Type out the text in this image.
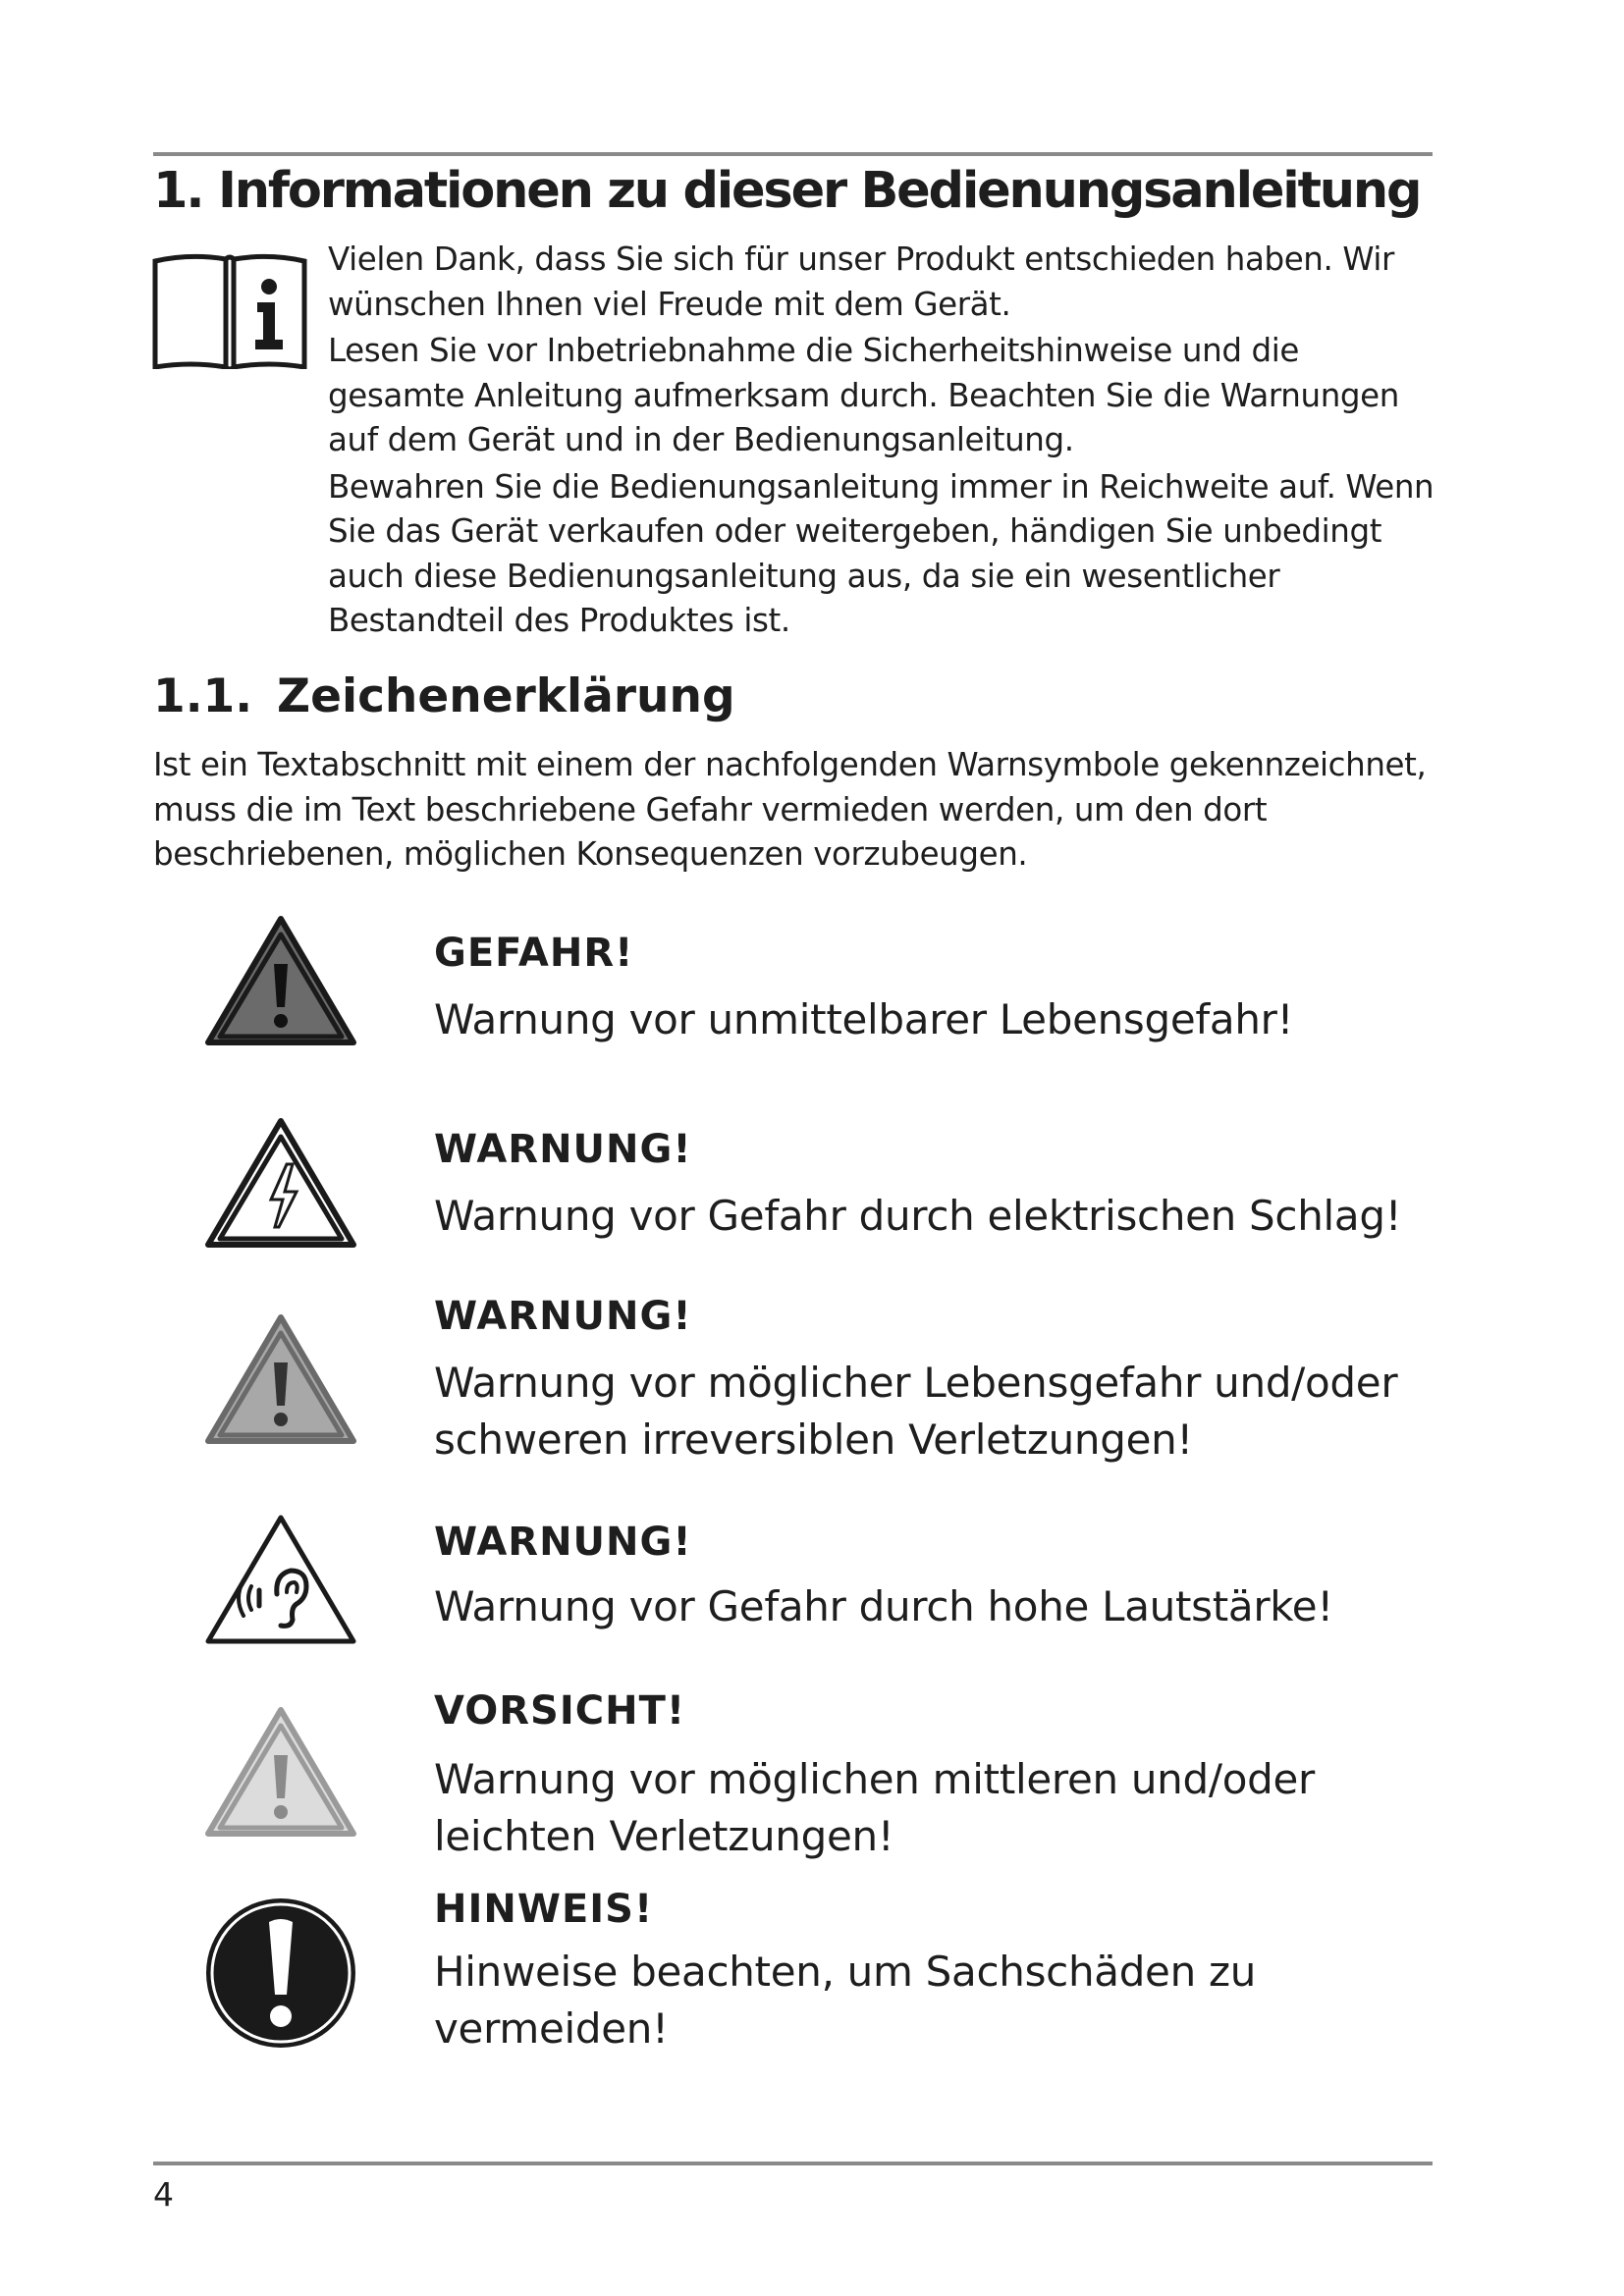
1. Informationen zu dieser Bedienungsanleitung

Vielen Dank, dass Sie sich für unser Produkt entschieden haben. Wir wünschen Ihnen viel Freude mit dem Gerät.

Lesen Sie vor Inbetriebnahme die Sicherheitshinweise und die gesamte Anleitung aufmerksam durch. Beachten Sie die Warnungen auf dem Gerät und in der Bedienungsanleitung.

Bewahren Sie die Bedienungsanleitung immer in Reichweite auf. Wenn Sie das Gerät verkaufen oder weitergeben, händigen Sie unbedingt auch diese Bedienungsanleitung aus, da sie ein wesentlicher Bestandteil des Produktes ist.

1.1. Zeichenerklärung

Ist ein Textabschnitt mit einem der nachfolgenden Warnsymbole gekennzeichnet, muss die im Text beschriebene Gefahr vermieden werden, um den dort beschriebenen, möglichen Konsequenzen vorzubeugen.

GEFAHR!

Warnung vor unmittelbarer Lebensgefahr!

WARNUNG!

Warnung vor Gefahr durch elektrischen Schlag!

WARNUNG!

Warnung vor möglicher Lebensgefahr und/oder schweren irreversiblen Verletzungen!

WARNUNG!

Warnung vor Gefahr durch hohe Lautstärke!

VORSICHT!

Warnung vor möglichen mittleren und/oder leichten Verletzungen!

HINWEIS!

Hinweise beachten, um Sachschäden zu vermeiden!

4
